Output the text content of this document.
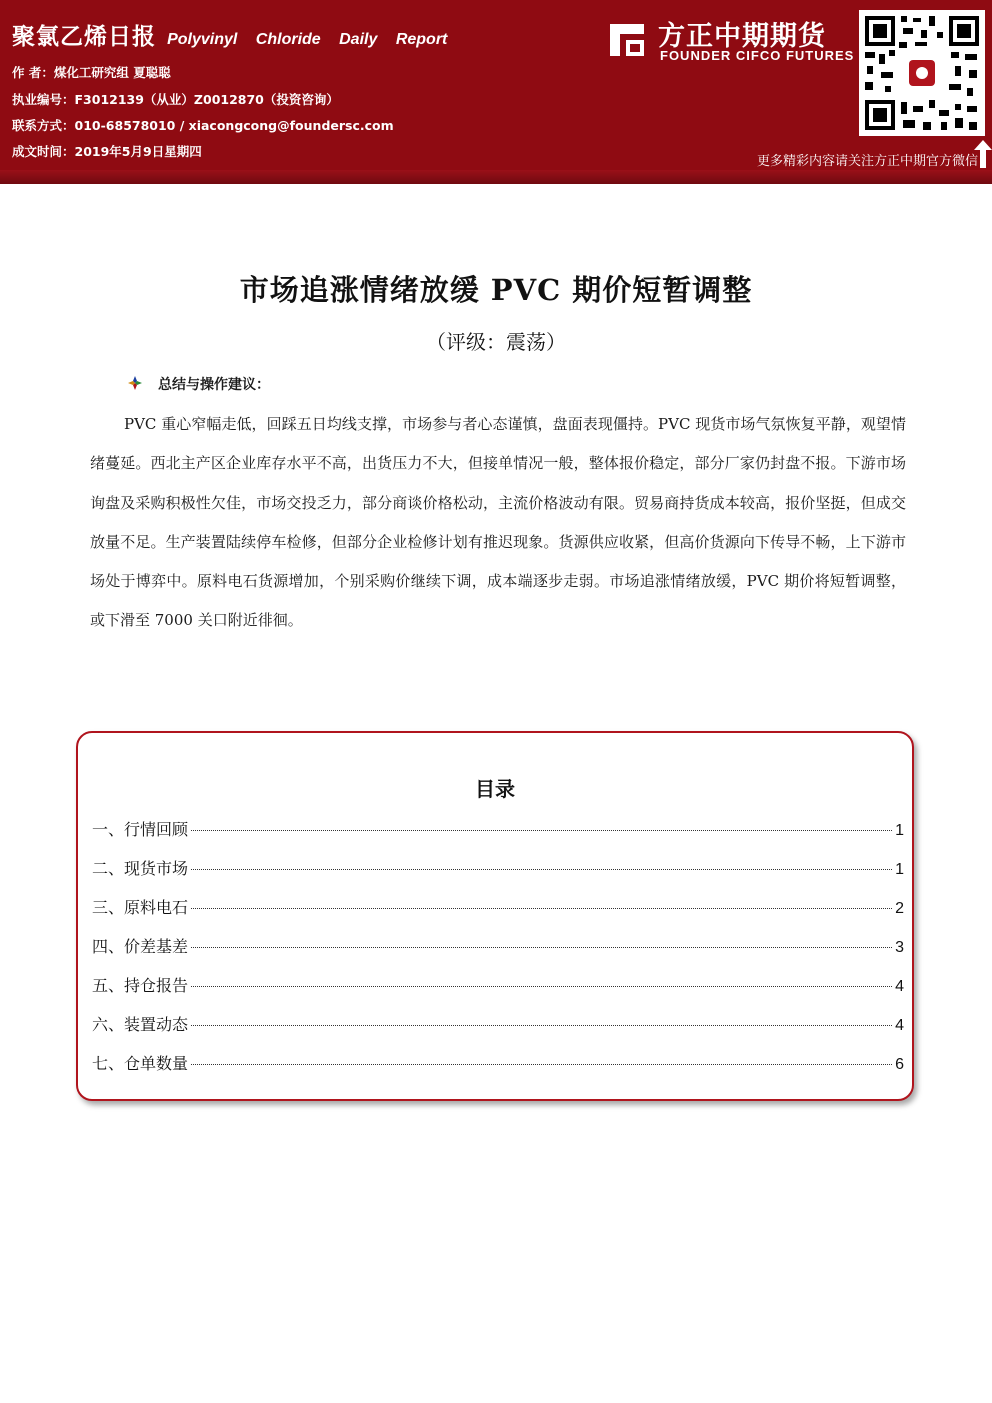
聚氯乙烯日报 Polyvinyl Chloride Daily Report
作 者：煤化工研究组 夏聪聪
执业编号：F3012139（从业）Z0012870（投资咨询）
联系方式：010-68578010 / xiacongcong@foundersc.com
成文时间：2019年5月9日星期四
方正中期期货
FOUNDER CIFCO FUTURES
更多精彩内容请关注方正中期官方微信
市场追涨情绪放缓 PVC 期价短暂调整
（评级：震荡）
总结与操作建议：
PVC 重心窄幅走低，回踩五日均线支撑，市场参与者心态谨慎，盘面表现僵持。PVC 现货市场气氛恢复平静，观望情绪蔓延。西北主产区企业库存水平不高，出货压力不大，但接单情况一般，整体报价稳定，部分厂家仍封盘不报。下游市场询盘及采购积极性欠佳，市场交投乏力，部分商谈价格松动，主流价格波动有限。贸易商持货成本较高，报价坚挺，但成交放量不足。生产装置陆续停车检修，但部分企业检修计划有推迟现象。货源供应收紧，但高价货源向下传导不畅，上下游市场处于博弈中。原料电石货源增加，个别采购价继续下调，成本端逐步走弱。市场追涨情绪放缓，PVC 期价将短暂调整，或下滑至 7000 关口附近徘徊。
目录
一、行情回顾	1
二、现货市场	1
三、原料电石	2
四、价差基差	3
五、持仓报告	4
六、装置动态	4
七、仓单数量	6
